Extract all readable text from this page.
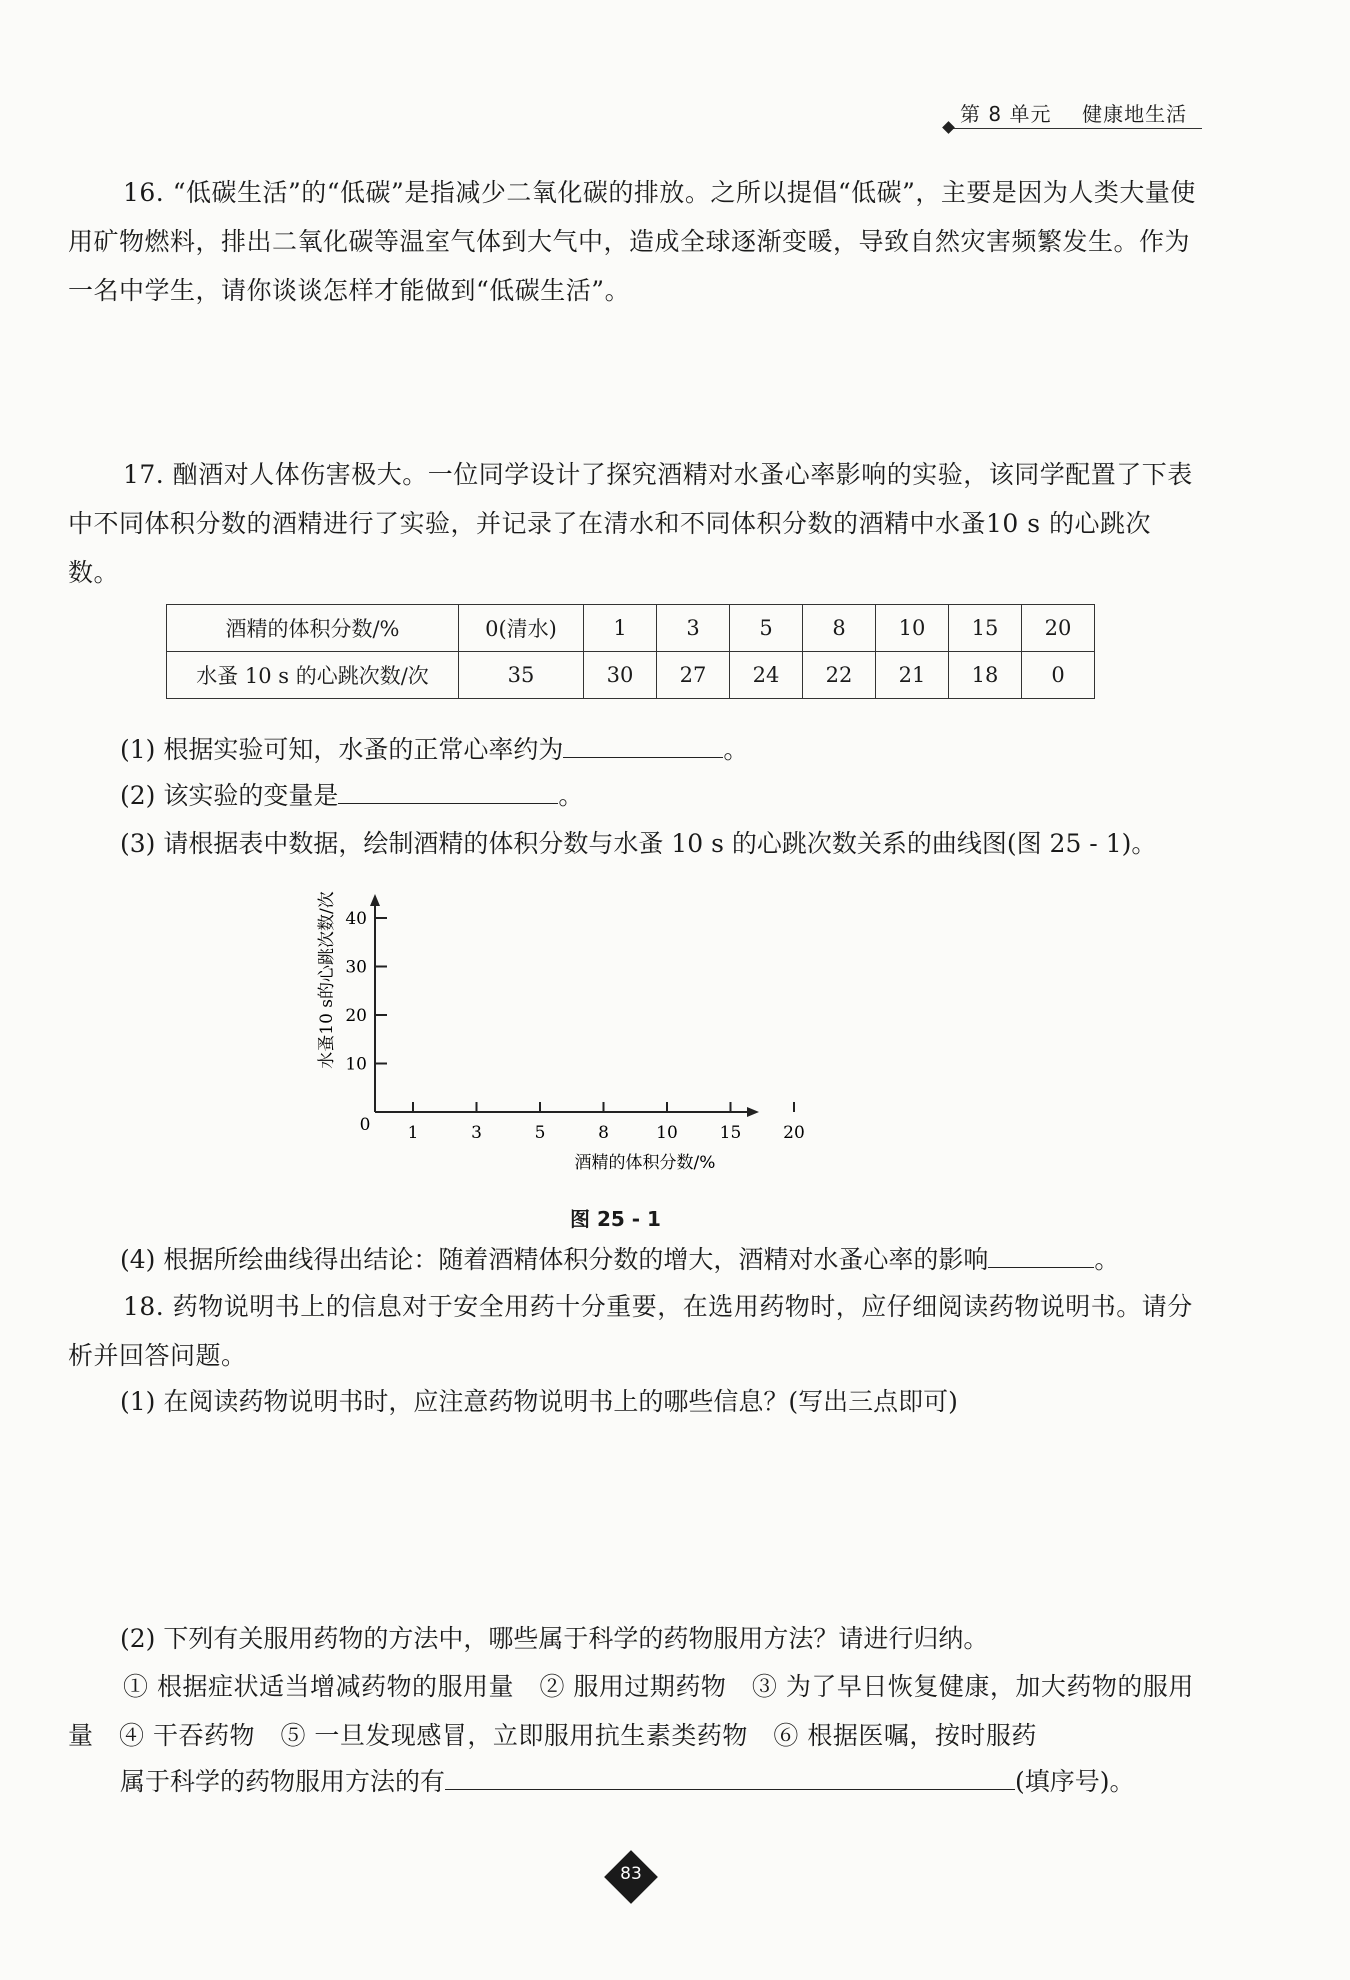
第 8 单元 健康地生活
16. “低碳生活”的“低碳”是指减少二氧化碳的排放。之所以提倡“低碳”，主要是因为人类大量使用矿物燃料，排出二氧化碳等温室气体到大气中，造成全球逐渐变暖，导致自然灾害频繁发生。作为一名中学生，请你谈谈怎样才能做到“低碳生活”。
17. 酗酒对人体伤害极大。一位同学设计了探究酒精对水蚤心率影响的实验，该同学配置了下表中不同体积分数的酒精进行了实验，并记录了在清水和不同体积分数的酒精中水蚤10 s 的心跳次数。
酒精的体积分数/%	0(清水)	1	3	5	8	10	15	20
水蚤 10 s 的心跳次数/次	35	30	27	24	22	21	18	0
(1) 根据实验可知，水蚤的正常心率约为	。
(2) 该实验的变量是	。
(3) 请根据表中数据，绘制酒精的体积分数与水蚤 10 s 的心跳次数关系的曲线图(图 25 - 1)。
10
20
30
40
1	3	5	8	10 15 20
水蚤10 s的心跳次数/次
酒精的体积分数/%
0
图 25 - 1
(4) 根据所绘曲线得出结论：随着酒精体积分数的增大，酒精对水蚤心率的影响	。
18. 药物说明书上的信息对于安全用药十分重要，在选用药物时，应仔细阅读药物说明书。请分析并回答问题。
(1) 在阅读药物说明书时，应注意药物说明书上的哪些信息？(写出三点即可)
(2) 下列有关服用药物的方法中，哪些属于科学的药物服用方法？请进行归纳。
① 根据症状适当增减药物的服用量　② 服用过期药物　③ 为了早日恢复健康，加大药物的服用量　④ 干吞药物　⑤ 一旦发现感冒，立即服用抗生素类药物　⑥ 根据医嘱，按时服药
属于科学的药物服用方法的有	(填序号)。
83
